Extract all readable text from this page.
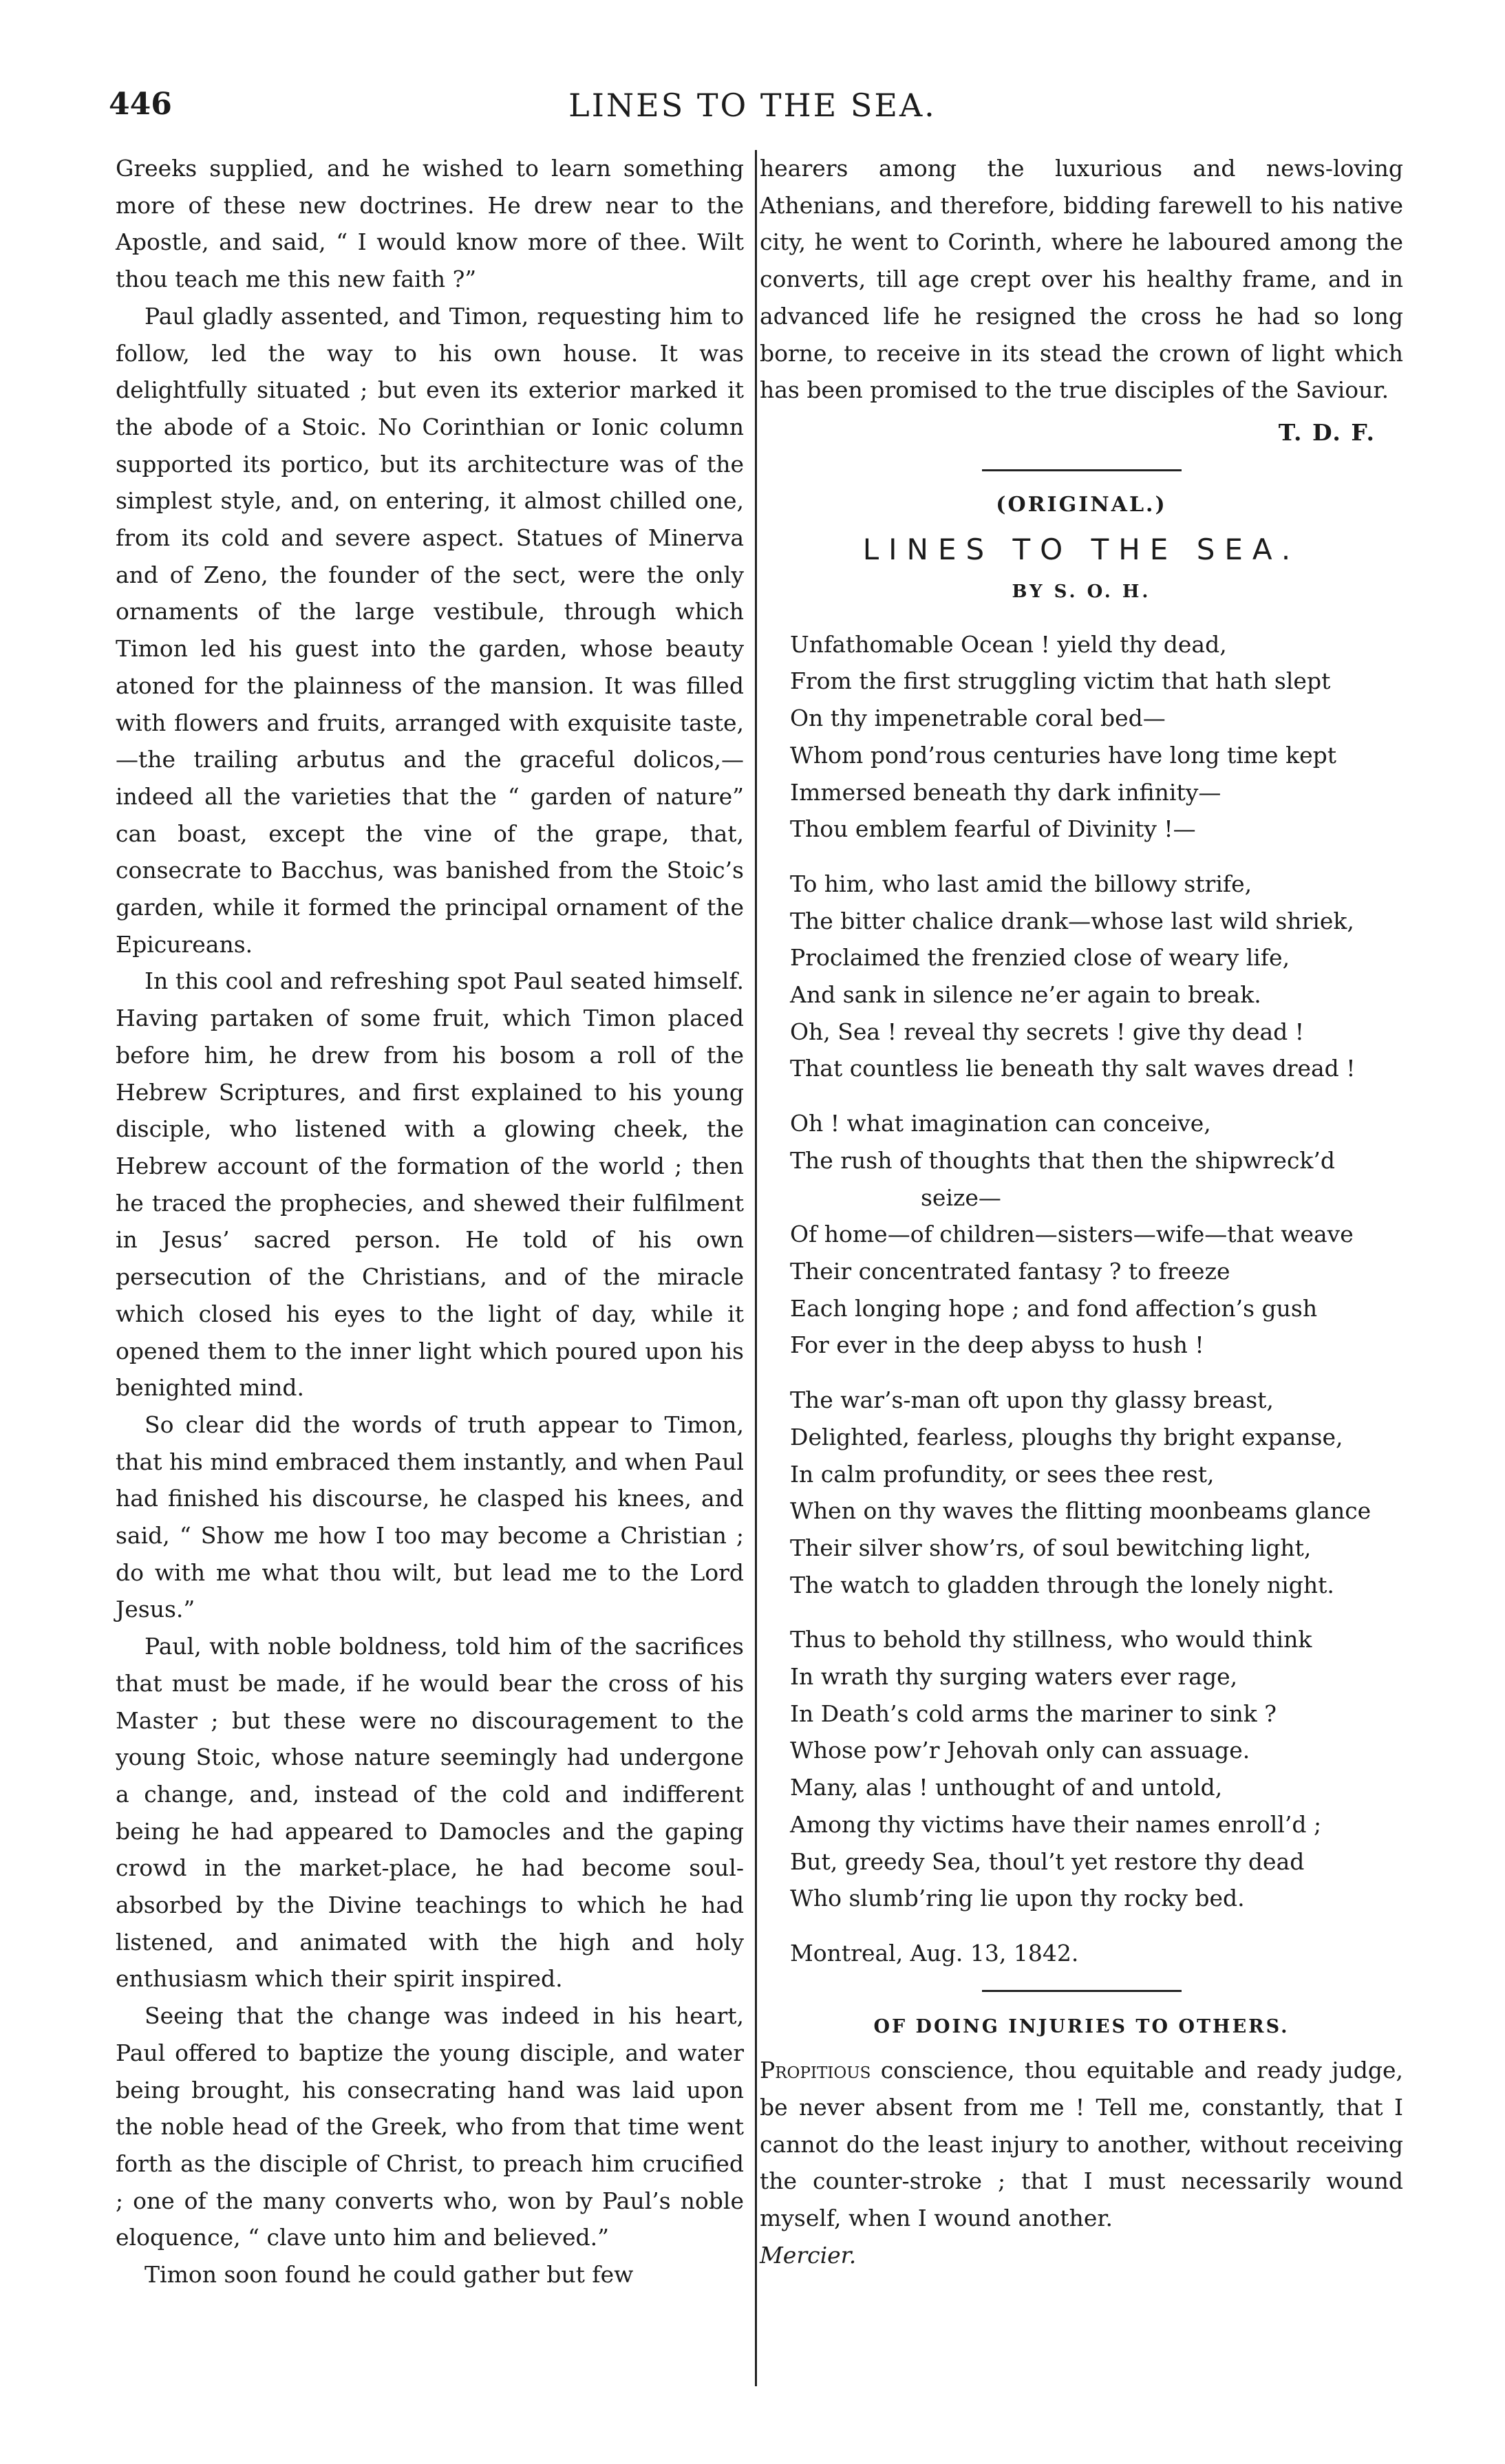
446	LINES TO THE SEA.

Greeks supplied, and he wished to learn something more of these new doctrines. He drew near to the Apostle, and said, “ I would know more of thee. Wilt thou teach me this new faith ?”

Paul gladly assented, and Timon, requesting him to follow, led the way to his own house. It was delightfully situated ; but even its exterior marked it the abode of a Stoic. No Corinthian or Ionic column supported its portico, but its architecture was of the simplest style, and, on entering, it almost chilled one, from its cold and severe aspect. Statues of Minerva and of Zeno, the founder of the sect, were the only ornaments of the large vestibule, through which Timon led his guest into the garden, whose beauty atoned for the plainness of the mansion. It was filled with flowers and fruits, arranged with exquisite taste,—the trailing arbutus and the graceful dolicos,—indeed all the varieties that the “ garden of nature” can boast, except the vine of the grape, that, consecrate to Bacchus, was banished from the Stoic’s garden, while it formed the principal ornament of the Epicureans.

In this cool and refreshing spot Paul seated himself. Having partaken of some fruit, which Timon placed before him, he drew from his bosom a roll of the Hebrew Scriptures, and first explained to his young disciple, who listened with a glowing cheek, the Hebrew account of the formation of the world ; then he traced the prophecies, and shewed their fulfilment in Jesus’ sacred person. He told of his own persecution of the Christians, and of the miracle which closed his eyes to the light of day, while it opened them to the inner light which poured upon his benighted mind.

So clear did the words of truth appear to Timon, that his mind embraced them instantly, and when Paul had finished his discourse, he clasped his knees, and said, “ Show me how I too may become a Christian ; do with me what thou wilt, but lead me to the Lord Jesus.”

Paul, with noble boldness, told him of the sacrifices that must be made, if he would bear the cross of his Master ; but these were no discouragement to the young Stoic, whose nature seemingly had undergone a change, and, instead of the cold and indifferent being he had appeared to Damocles and the gaping crowd in the market-place, he had become soul-absorbed by the Divine teachings to which he had listened, and animated with the high and holy enthusiasm which their spirit inspired.

Seeing that the change was indeed in his heart, Paul offered to baptize the young disciple, and water being brought, his consecrating hand was laid upon the noble head of the Greek, who from that time went forth as the disciple of Christ, to preach him crucified ; one of the many converts who, won by Paul’s noble eloquence, “ clave unto him and believed.”

Timon soon found he could gather but few

hearers among the luxurious and news-loving Athenians, and therefore, bidding farewell to his native city, he went to Corinth, where he laboured among the converts, till age crept over his healthy frame, and in advanced life he resigned the cross he had so long borne, to receive in its stead the crown of light which has been promised to the true disciples of the Saviour.

T. D. F.

(ORIGINAL.)
LINES TO THE SEA.
BY S. O. H.
Unfathomable Ocean ! yield thy dead,
From the first struggling victim that hath slept
On thy impenetrable coral bed—
Whom pond’rous centuries have long time kept
Immersed beneath thy dark infinity—
Thou emblem fearful of Divinity !—
To him, who last amid the billowy strife,
The bitter chalice drank—whose last wild shriek,
Proclaimed the frenzied close of weary life,
And sank in silence ne’er again to break.
Oh, Sea ! reveal thy secrets ! give thy dead !
That countless lie beneath thy salt waves dread !
Oh ! what imagination can conceive,
The rush of thoughts that then the shipwreck’d
seize—
Of home—of children—sisters—wife—that weave
Their concentrated fantasy ? to freeze
Each longing hope ; and fond affection’s gush
For ever in the deep abyss to hush !
The war’s-man oft upon thy glassy breast,
Delighted, fearless, ploughs thy bright expanse,
In calm profundity, or sees thee rest,
When on thy waves the flitting moonbeams glance
Their silver show’rs, of soul bewitching light,
The watch to gladden through the lonely night.
Thus to behold thy stillness, who would think
In wrath thy surging waters ever rage,
In Death’s cold arms the mariner to sink ?
Whose pow’r Jehovah only can assuage.
Many, alas ! unthought of and untold,
Among thy victims have their names enroll’d ;
But, greedy Sea, thoul’t yet restore thy dead
Who slumb’ring lie upon thy rocky bed.

Montreal, Aug. 13, 1842.

OF DOING INJURIES TO OTHERS.

Propitious conscience, thou equitable and ready judge, be never absent from me ! Tell me, constantly, that I cannot do the least injury to another, without receiving the counter-stroke ; that I must necessarily wound myself, when I wound another.

Mercier.
